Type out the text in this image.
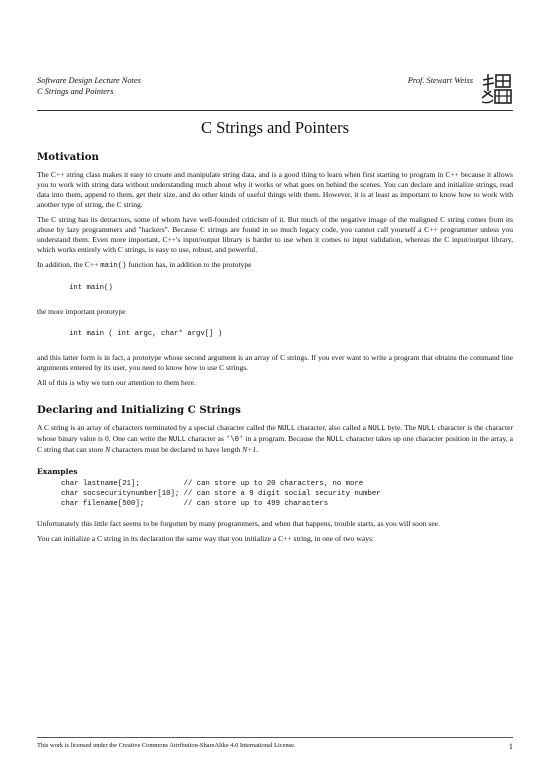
Software Design Lecture Notes
C Strings and Pointers
Prof. Stewart Weiss
C Strings and Pointers
Motivation

The C++ string class makes it easy to create and manipulate string data, and is a good thing to learn when first starting to program in C++ because it allows you to work with string data without understanding much about why it works or what goes on behind the scenes. You can declare and initialize strings, read data into them, append to them, get their size, and do other kinds of useful things with them. However, it is at least as important to know how to work with another type of string, the C string.

The C string has its detractors, some of whom have well-founded criticism of it. But much of the negative image of the maligned C string comes from its abuse by lazy programmers and "hackers". Because C strings are found in so much legacy code, you cannot call yourself a C++ programmer unless you understand them. Even more important, C++'s input/output library is harder to use when it comes to input validation, whereas the C input/output library, which works entirely with C strings, is easy to use, robust, and powerful.

In addition, the C++ main() function has, in addition to the prototype

int main()

the more important prototype

int main ( int argc, char* argv[] )

and this latter form is in fact, a prototype whose second argument is an array of C strings. If you ever want to write a program that obtains the command line arguments entered by its user, you need to know how to use C strings.

All of this is why we turn our attention to them here.

Declaring and Initializing C Strings

A C string is an array of characters terminated by a special character called the NULL character, also called a NULL byte. The NULL character is the character whose binary value is 0. One can write the NULL character as '\0' in a program. Because the NULL character takes up one character position in the array, a C string that can store N characters must be declared to have length N+1.

Examples
char lastname[21];          // can store up to 20 characters, no more
char socsecuritynumber[10]; // can store a 9 digit social security number
char filename[500];         // can store up to 499 characters

Unfortunately this little fact seems to be forgotten by many programmers, and when that happens, trouble starts, as you will soon see.

You can initialize a C string in its declaration the same way that you initialize a C++ string, in one of two ways:

This work is licensed under the Creative Commons Attribution-ShareAlike 4.0 International License.	1
